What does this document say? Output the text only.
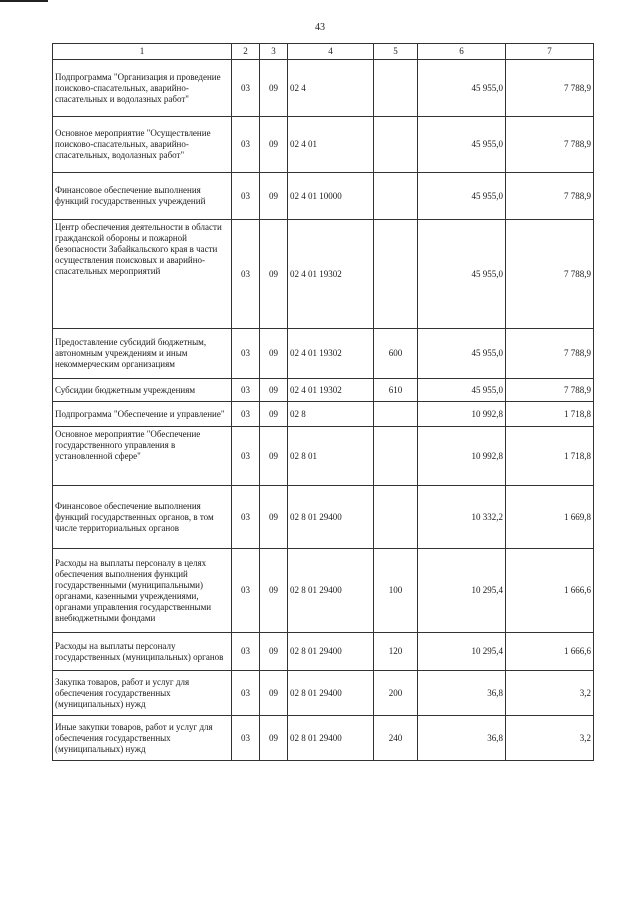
43
1	2	3	4	5	6	7
Подпрограмма "Организация и проведение поисково-спасательных, аварийно-спасательных и водолазных работ"	03	09	02 4		45 955,0	7 788,9
Основное мероприятие "Осуществление поисково-спасательных, аварийно-спасательных, водолазных работ"	03	09	02 4 01		45 955,0	7 788,9
Финансовое обеспечение выполнения функций государственных учреждений	03	09	02 4 01 10000		45 955,0	7 788,9
Центр обеспечения деятельности в области гражданской обороны и пожарной безопасности Забайкальского края в части осуществления поисковых и аварийно-спасательных мероприятий	03	09	02 4 01 19302		45 955,0	7 788,9
Предоставление субсидий бюджетным, автономным учреждениям и иным некоммерческим организациям	03	09	02 4 01 19302	600	45 955,0	7 788,9
Субсидии бюджетным учреждениям	03	09	02 4 01 19302	610	45 955,0	7 788,9
Подпрограмма "Обеспечение и управление"	03	09	02 8		10 992,8	1 718,8
Основное мероприятие "Обеспечение государственного управления в установленной сфере"	03	09	02 8 01		10 992,8	1 718,8
Финансовое обеспечение выполнения функций государственных органов, в том числе территориальных органов	03	09	02 8 01 29400		10 332,2	1 669,8
Расходы на выплаты персоналу в целях обеспечения выполнения функций государственными (муниципальными) органами, казенными учреждениями, органами управления государственными внебюджетными фондами	03	09	02 8 01 29400	100	10 295,4	1 666,6
Расходы на выплаты персоналу государственных (муниципальных) органов	03	09	02 8 01 29400	120	10 295,4	1 666,6
Закупка товаров, работ и услуг для обеспечения государственных (муниципальных) нужд	03	09	02 8 01 29400	200	36,8	3,2
Иные закупки товаров, работ и услуг для обеспечения государственных (муниципальных) нужд	03	09	02 8 01 29400	240	36,8	3,2
